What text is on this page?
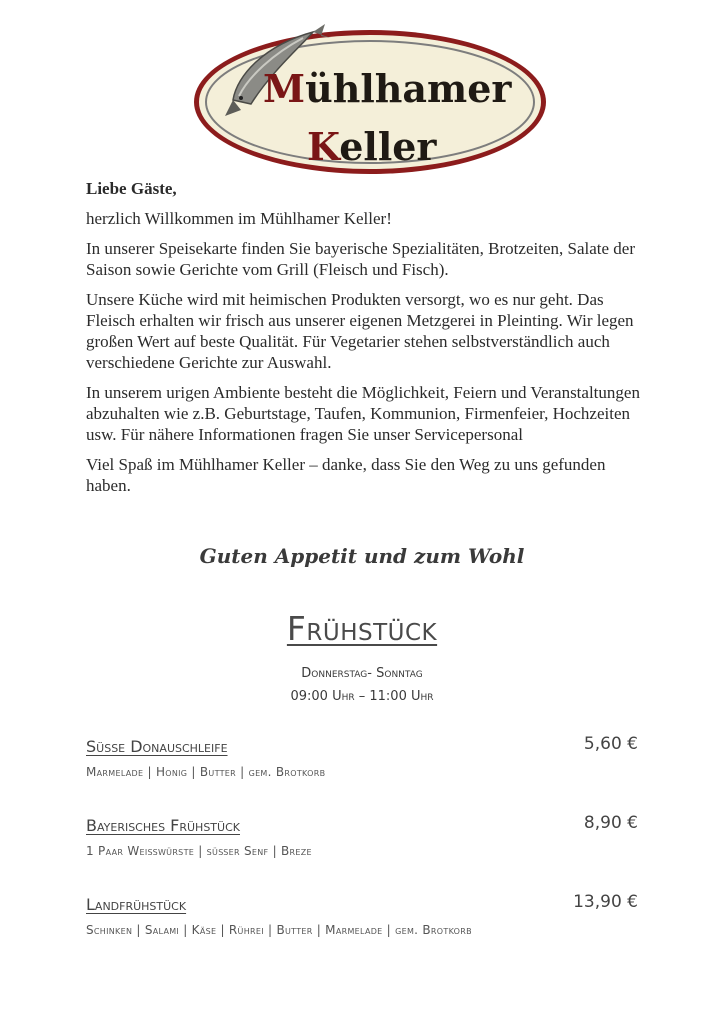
Mühlhamer
Keller

Liebe Gäste,

herzlich Willkommen im Mühlhamer Keller!

In unserer Speisekarte finden Sie bayerische Spezialitäten, Brotzeiten, Salate der Saison sowie Gerichte vom Grill (Fleisch und Fisch).

Unsere Küche wird mit heimischen Produkten versorgt, wo es nur geht. Das Fleisch erhalten wir frisch aus unserer eigenen Metzgerei in Pleinting. Wir legen großen Wert auf beste Qualität. Für Vegetarier stehen selbstverständlich auch verschiedene Gerichte zur Auswahl.

In unserem urigen Ambiente besteht die Möglichkeit, Feiern und Veranstaltungen abzuhalten wie z.B. Geburtstage, Taufen, Kommunion, Firmenfeier, Hochzeiten usw. Für nähere Informationen fragen Sie unser Servicepersonal

Viel Spaß im Mühlhamer Keller – danke, dass Sie den Weg zu uns gefunden haben.

Guten Appetit und zum Wohl
Frühstück
Donnerstag- Sonntag
09:00 Uhr – 11:00 Uhr
Süße Donauschleife	5,60 €
Marmelade | Honig | Butter | gem. Brotkorb
Bayerisches Frühstück	8,90 €
1 Paar Weißwürste | süßer Senf | Breze
Landfrühstück	13,90 €
Schinken | Salami | Käse | Rührei | Butter | Marmelade | gem. Brotkorb
